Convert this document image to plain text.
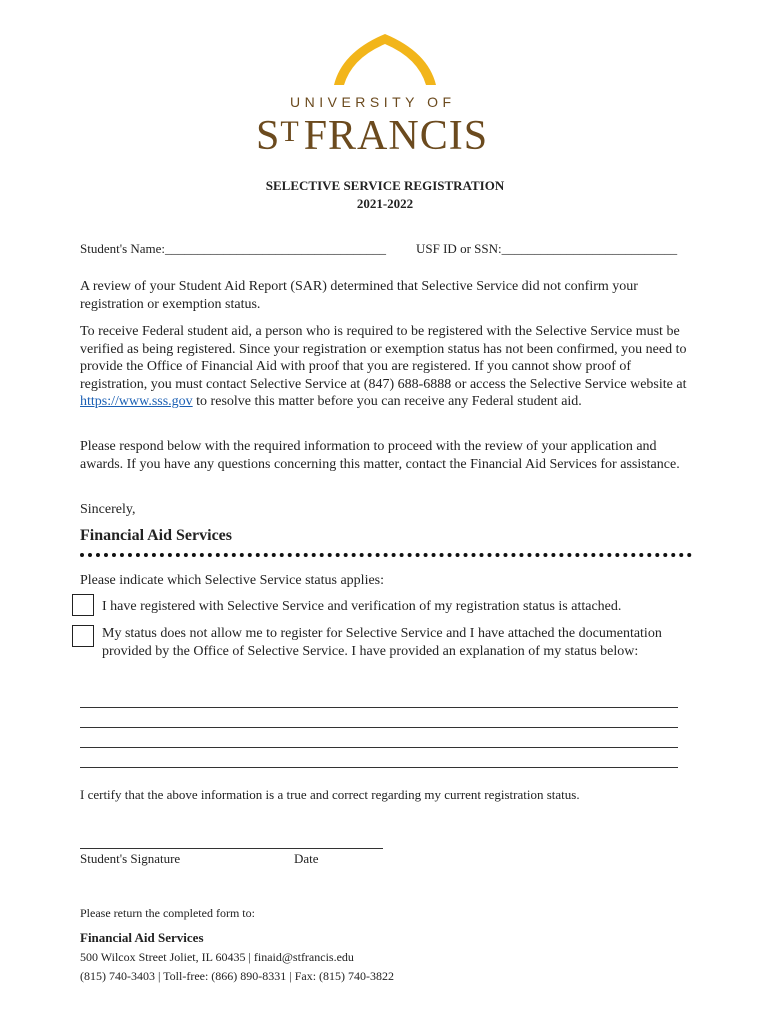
UNIVERSITY OF
$S^TFRANCIS$
SELECTIVE SERVICE REGISTRATION
2021-2022
Student's Name:__________________________________ USF ID or SSN:___________________________
A review of your Student Aid Report (SAR) determined that Selective Service did not confirm your registration or exemption status.
To receive Federal student aid, a person who is required to be registered with the Selective Service must be verified as being registered. Since your registration or exemption status has not been confirmed, you need to provide the Office of Financial Aid with proof that you are registered. If you cannot show proof of registration, you must contact Selective Service at (847) 688-6888 or access the Selective Service website at https://www.sss.gov to resolve this matter before you can receive any Federal student aid.
Please respond below with the required information to proceed with the review of your application and awards. If you have any questions concerning this matter, contact the Financial Aid Services for assistance.
Sincerely,
Financial Aid Services
Please indicate which Selective Service status applies:
I have registered with Selective Service and verification of my registration status is attached.
My status does not allow me to register for Selective Service and I have attached the documentation provided by the Office of Selective Service. I have provided an explanation of my status below:
I certify that the above information is a true and correct regarding my current registration status.
Student's Signature	Date
Please return the completed form to:
Financial Aid Services
500 Wilcox Street Joliet, IL 60435 | finaid@stfrancis.edu
(815) 740-3403 | Toll-free: (866) 890-8331 | Fax: (815) 740-3822
